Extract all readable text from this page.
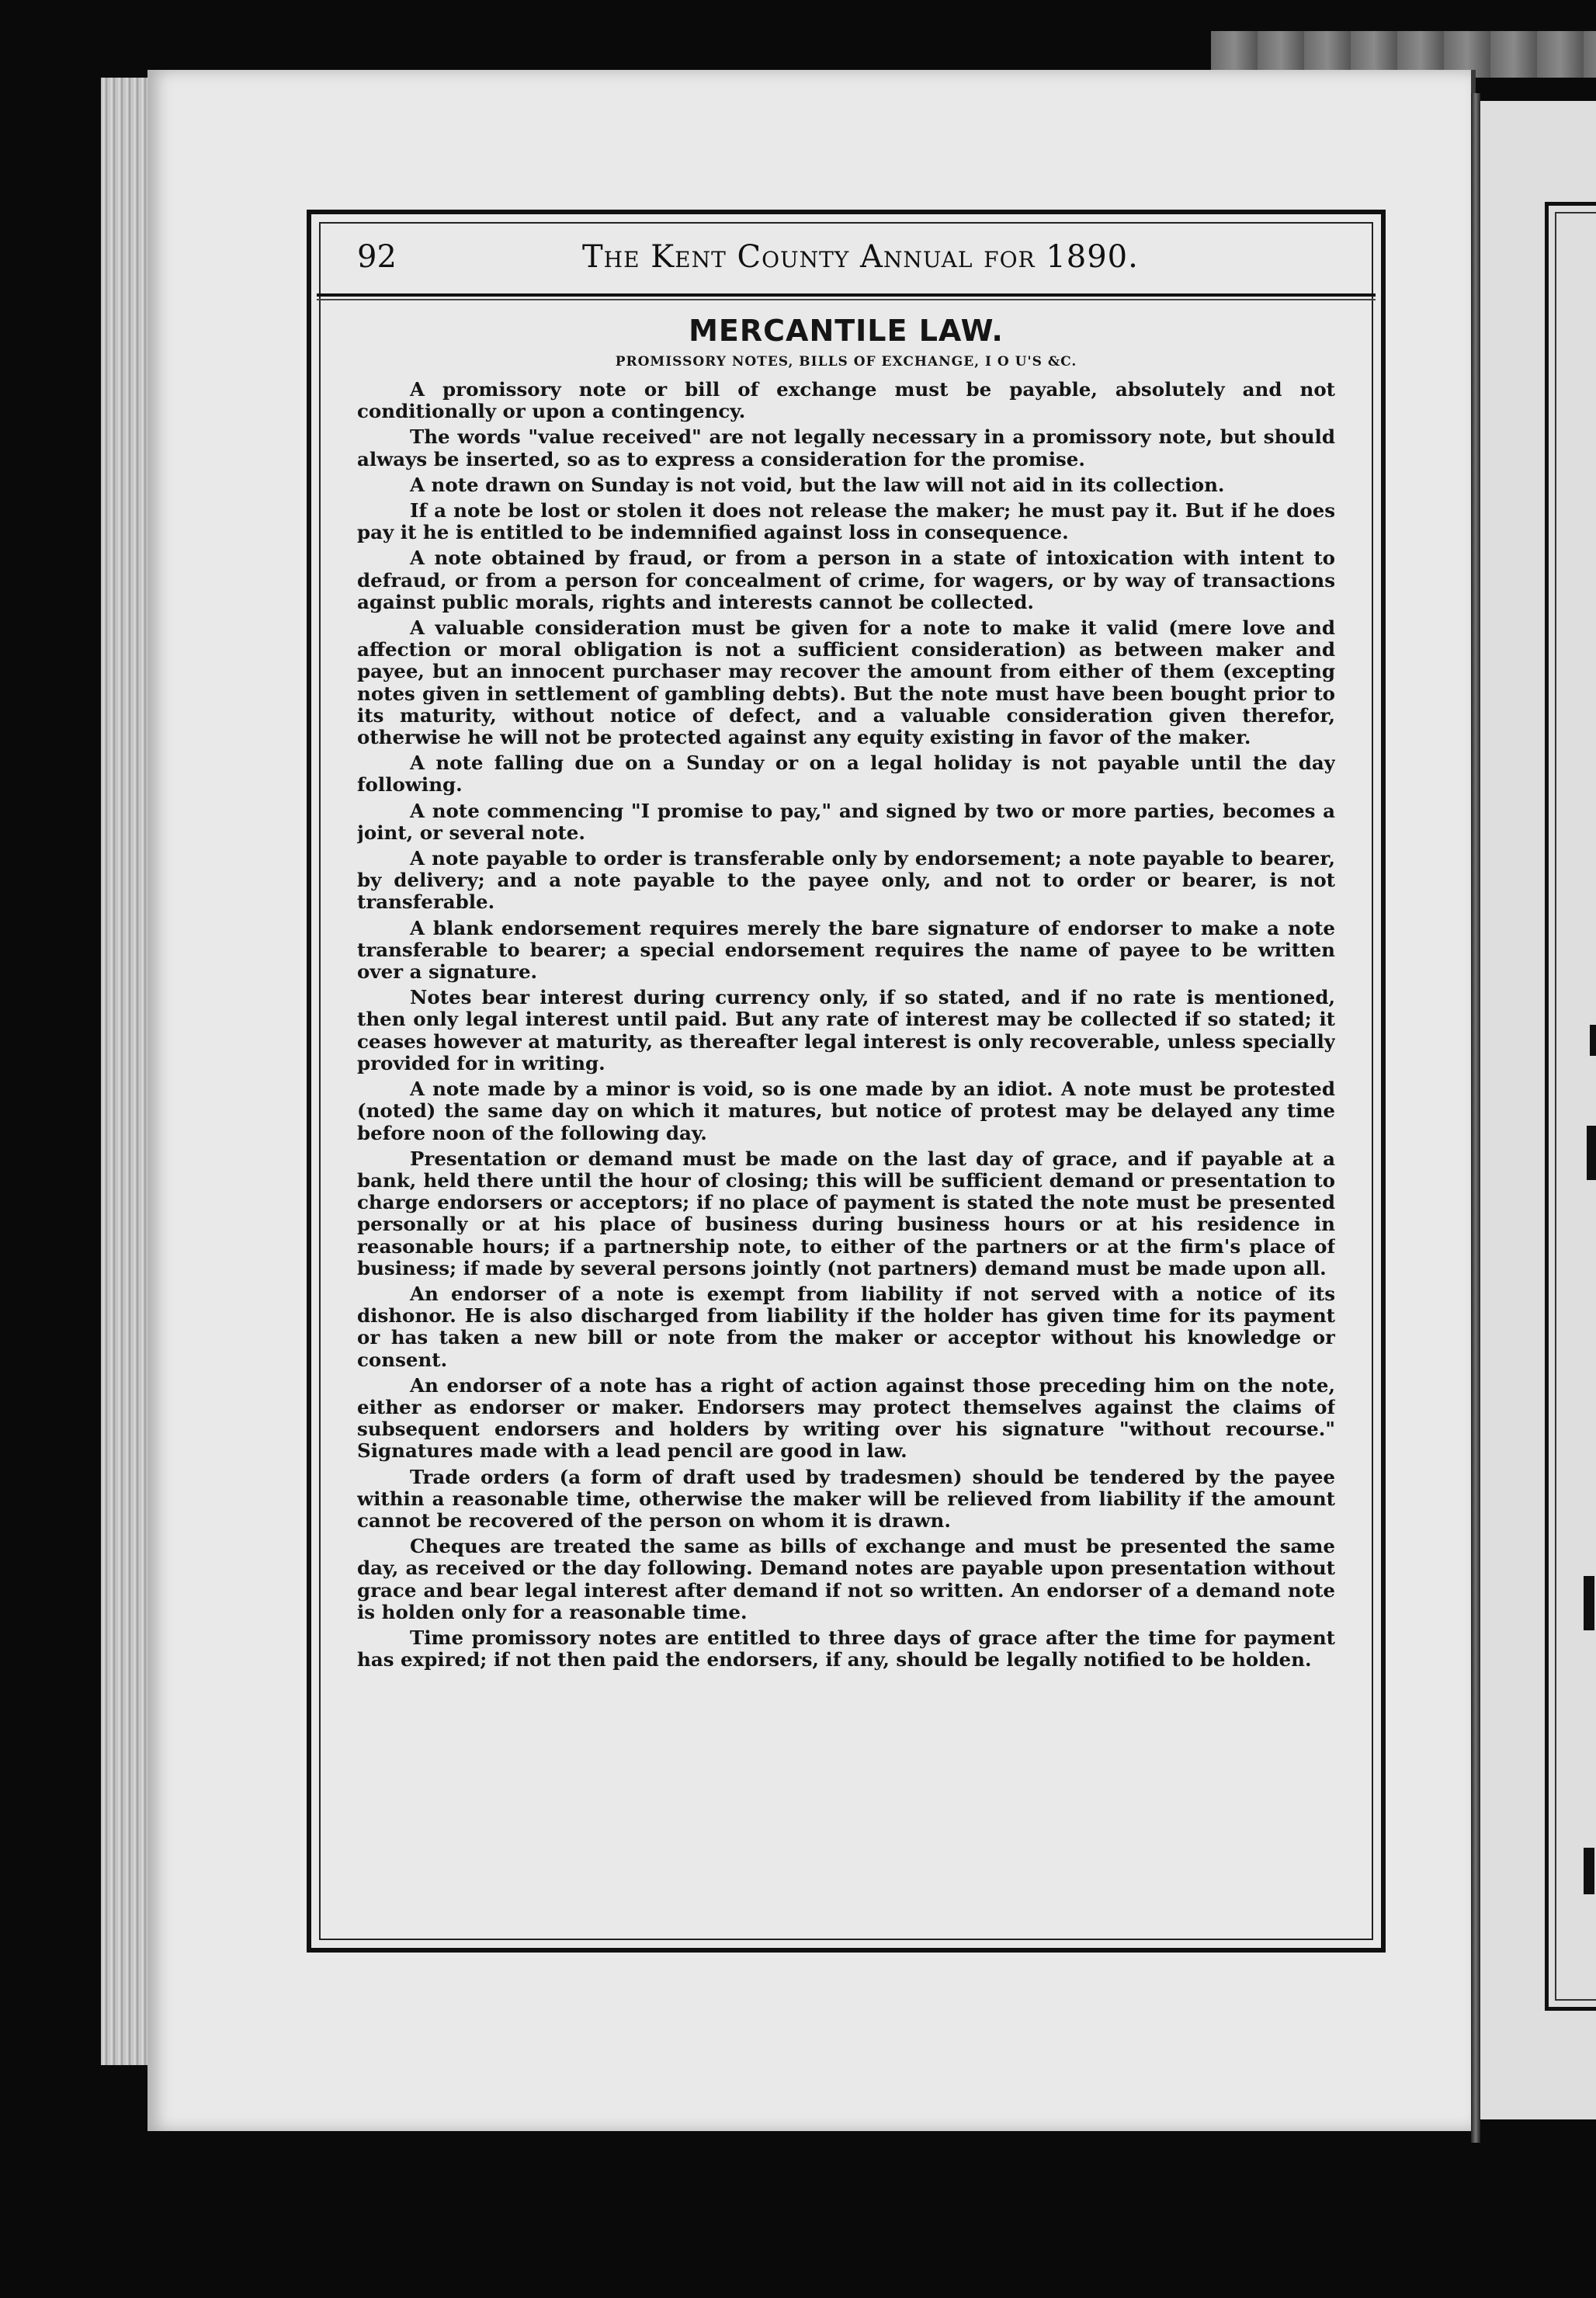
92	The Kent County Annual for 1890.
MERCANTILE LAW.
PROMISSORY NOTES, BILLS OF EXCHANGE, I O U'S &C.

A promissory note or bill of exchange must be payable, absolutely and not conditionally or upon a contingency.

The words "value received" are not legally necessary in a promissory note, but should always be inserted, so as to express a consideration for the promise.

A note drawn on Sunday is not void, but the law will not aid in its collection.

If a note be lost or stolen it does not release the maker; he must pay it. But if he does pay it he is entitled to be indemnified against loss in consequence.

A note obtained by fraud, or from a person in a state of intoxication with intent to defraud, or from a person for concealment of crime, for wagers, or by way of transactions against public morals, rights and interests cannot be collected.

A valuable consideration must be given for a note to make it valid (mere love and affection or moral obligation is not a sufficient consideration) as between maker and payee, but an innocent purchaser may recover the amount from either of them (excepting notes given in settlement of gambling debts). But the note must have been bought prior to its maturity, without notice of defect, and a valuable consideration given therefor, otherwise he will not be protected against any equity existing in favor of the maker.

A note falling due on a Sunday or on a legal holiday is not payable until the day following.

A note commencing "I promise to pay," and signed by two or more parties, becomes a joint, or several note.

A note payable to order is transferable only by endorsement; a note payable to bearer, by delivery; and a note payable to the payee only, and not to order or bearer, is not transferable.

A blank endorsement requires merely the bare signature of endorser to make a note transferable to bearer; a special endorsement requires the name of payee to be written over a signature.

Notes bear interest during currency only, if so stated, and if no rate is mentioned, then only legal interest until paid. But any rate of interest may be collected if so stated; it ceases however at maturity, as thereafter legal interest is only recoverable, unless specially provided for in writing.

A note made by a minor is void, so is one made by an idiot. A note must be protested (noted) the same day on which it matures, but notice of protest may be delayed any time before noon of the following day.

Presentation or demand must be made on the last day of grace, and if payable at a bank, held there until the hour of closing; this will be sufficient demand or presentation to charge endorsers or acceptors; if no place of payment is stated the note must be presented personally or at his place of business during business hours or at his residence in reasonable hours; if a partnership note, to either of the partners or at the firm's place of business; if made by several persons jointly (not partners) demand must be made upon all.

An endorser of a note is exempt from liability if not served with a notice of its dishonor. He is also discharged from liability if the holder has given time for its payment or has taken a new bill or note from the maker or acceptor without his knowledge or consent.

An endorser of a note has a right of action against those preceding him on the note, either as endorser or maker. Endorsers may protect themselves against the claims of subsequent endorsers and holders by writing over his signature "without recourse." Signatures made with a lead pencil are good in law.

Trade orders (a form of draft used by tradesmen) should be tendered by the payee within a reasonable time, otherwise the maker will be relieved from liability if the amount cannot be recovered of the person on whom it is drawn.

Cheques are treated the same as bills of exchange and must be presented the same day, as received or the day following. Demand notes are payable upon presentation without grace and bear legal interest after demand if not so written. An endorser of a demand note is holden only for a reasonable time.

Time promissory notes are entitled to three days of grace after the time for payment has expired; if not then paid the endorsers, if any, should be legally notified to be holden.
